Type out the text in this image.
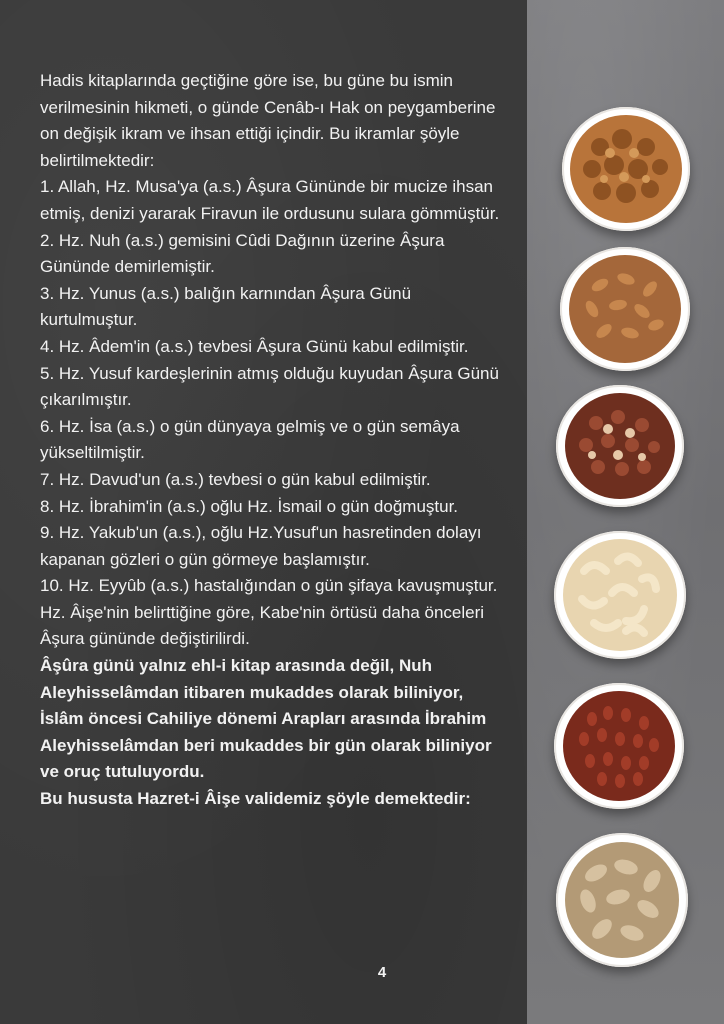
Hadis kitaplarında geçtiğine göre ise, bu güne bu ismin verilmesinin hikmeti, o günde Cenâb-ı Hak on peygamberine on değişik ikram ve ihsan ettiği içindir. Bu ikramlar şöyle belirtilmektedir:

1. Allah, Hz. Musa'ya (a.s.) Âşura Gününde bir mucize ihsan etmiş, denizi yararak Firavun ile ordusunu sulara gömmüştür.

2. Hz. Nuh (a.s.) gemisini Cûdi Dağının üzerine Âşura Gününde demirlemiştir.

3. Hz. Yunus (a.s.) balığın karnından Âşura Günü kurtulmuştur.

4. Hz. Âdem'in (a.s.) tevbesi Âşura Günü kabul edilmiştir.

5. Hz. Yusuf kardeşlerinin atmış olduğu kuyudan Âşura Günü çıkarılmıştır.

6. Hz. İsa (a.s.) o gün dünyaya gelmiş ve o gün semâya yükseltilmiştir.

7. Hz. Davud'un (a.s.) tevbesi o gün kabul edilmiştir.

8. Hz. İbrahim'in (a.s.) oğlu Hz. İsmail o gün doğmuştur.

9. Hz. Yakub'un (a.s.), oğlu Hz.Yusuf'un hasretinden dolayı kapanan gözleri o gün görmeye başlamıştır.

10. Hz. Eyyûb (a.s.) hastalığından o gün şifaya kavuşmuştur.

Hz. Âişe'nin belirttiğine göre, Kabe'nin örtüsü daha önceleri Âşura gününde değiştirilirdi.

Âşûra günü yalnız ehl-i kitap arasında değil, Nuh Aleyhisselâmdan itibaren mukaddes olarak biliniyor, İslâm öncesi Cahiliye dönemi Arapları arasında İbrahim Aleyhisselâmdan beri mukaddes bir gün olarak biliniyor ve oruç tutuluyordu.

Bu hususta Hazret-i Âişe validemiz şöyle demektedir:

4
